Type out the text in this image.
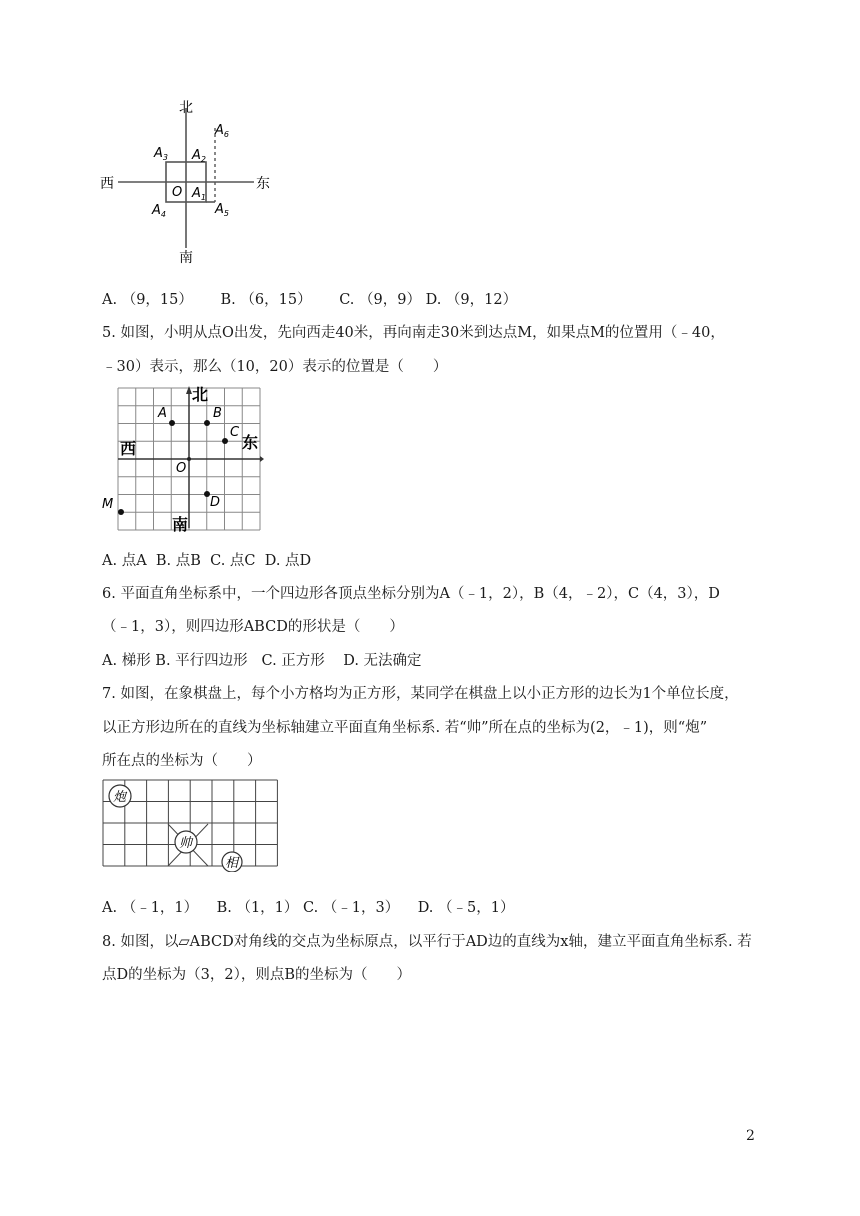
北
南
西	东
O $A_1$
$A_2$
$A_3$
$A_4$	$A_5$
$A_6$
A. （9，15）      B. （6，15）      C. （9，9） D. （9，12）
5. 如图，小明从点O出发，先向西走40米，再向南走30米到达点M，如果点M的位置用（﹣40，
﹣30）表示，那么（10，20）表示的位置是（　　）
北
南
西	东
O
A	B
C
D
M
A. 点A  B. 点B  C. 点C  D. 点D
6. 平面直角坐标系中，一个四边形各顶点坐标分别为A（﹣1，2），B（4，﹣2），C（4，3），D
（﹣1，3），则四边形ABCD的形状是（　　）
A. 梯形 B. 平行四边形   C. 正方形    D. 无法确定
7. 如图，在象棋盘上，每个小方格均为正方形，某同学在棋盘上以小正方形的边长为1个单位长度，
以正方形边所在的直线为坐标轴建立平面直角坐标系. 若“帅”所在点的坐标为(2，﹣1)，则“炮”
所在点的坐标为（　　）
炮
帅
相
A. （﹣1，1）    B. （1，1） C. （﹣1，3）    D. （﹣5，1）
8. 如图，以▱ABCD对角线的交点为坐标原点，以平行于AD边的直线为x轴，建立平面直角坐标系. 若
点D的坐标为（3，2），则点B的坐标为（　　）
2
